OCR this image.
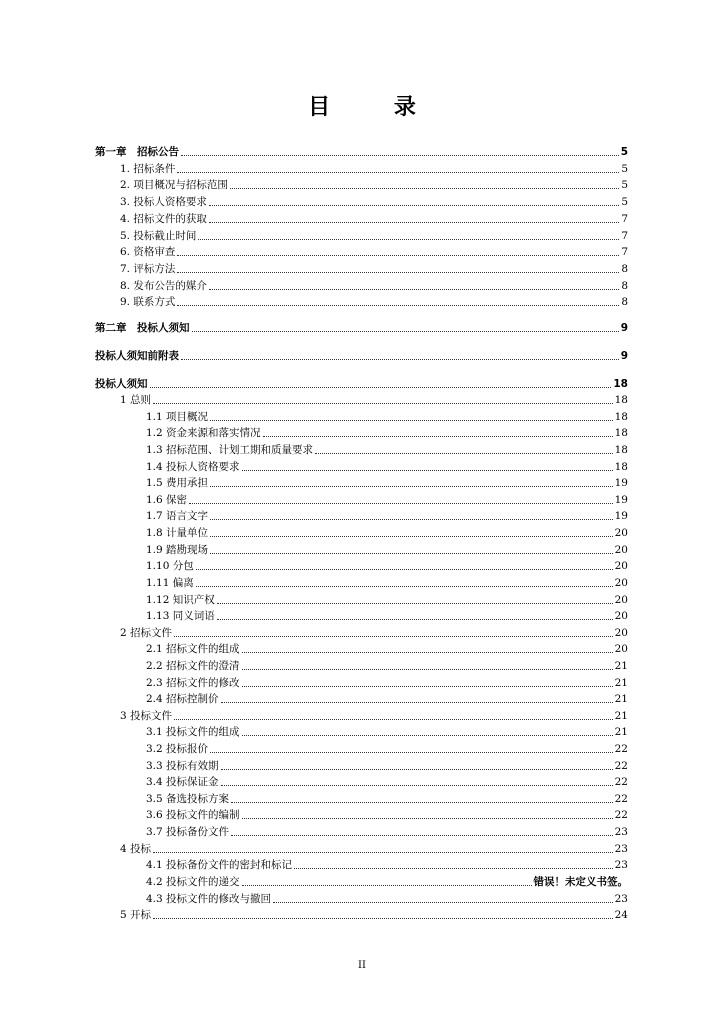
目 录
第一章　招标公告	5
1. 招标条件	5
2. 项目概况与招标范围	5
3. 投标人资格要求	5
4. 招标文件的获取	7
5. 投标截止时间	7
6. 资格审查	7
7. 评标方法	8
8. 发布公告的媒介	8
9. 联系方式	8
第二章　投标人须知	9
投标人须知前附表	9
投标人须知	18
1 总则	18
1.1 项目概况	18
1.2 资金来源和落实情况	18
1.3 招标范围、计划工期和质量要求	18
1.4 投标人资格要求	18
1.5 费用承担	19
1.6 保密	19
1.7 语言文字	19
1.8 计量单位	20
1.9 踏勘现场	20
1.10 分包	20
1.11 偏离	20
1.12 知识产权	20
1.13 同义词语	20
2 招标文件	20
2.1 招标文件的组成	20
2.2 招标文件的澄清	21
2.3 招标文件的修改	21
2.4 招标控制价	21
3 投标文件	21
3.1 投标文件的组成	21
3.2 投标报价	22
3.3 投标有效期	22
3.4 投标保证金	22
3.5 备选投标方案	22
3.6 投标文件的编制	22
3.7 投标备份文件	23
4 投标	23
4.1 投标备份文件的密封和标记	23
4.2 投标文件的递交	错误！未定义书签。
4.3 投标文件的修改与撤回	23
5 开标	24
II
